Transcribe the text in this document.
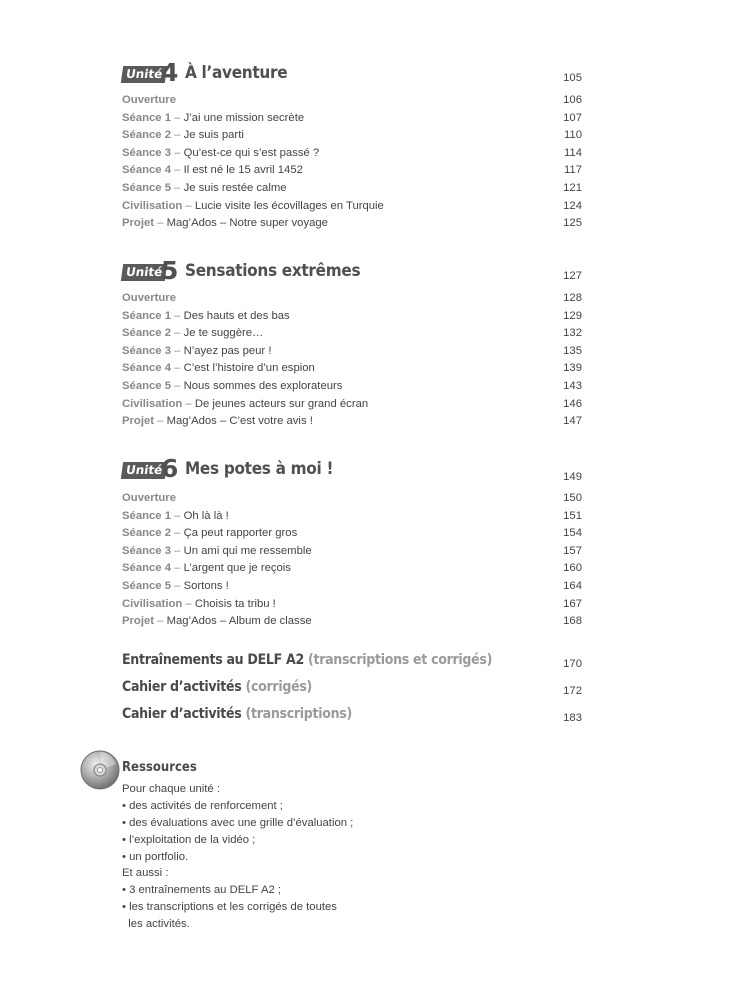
Unité
4 À l’aventure	105
Ouverture	106
Séance 1 – J’ai une mission secrète	107
Séance 2 – Je suis parti	110
Séance 3 – Qu’est-ce qui s’est passé ?	114
Séance 4 – Il est né le 15 avril 1452	117
Séance 5 – Je suis restée calme	121
Civilisation – Lucie visite les écovillages en Turquie	124
Projet – Mag’Ados – Notre super voyage	125
Unité
5 Sensations extrêmes	127
Ouverture	128
Séance 1 – Des hauts et des bas	129
Séance 2 – Je te suggère…	132
Séance 3 – N’ayez pas peur !	135
Séance 4 – C’est l’histoire d’un espion	139
Séance 5 – Nous sommes des explorateurs	143
Civilisation – De jeunes acteurs sur grand écran	146
Projet – Mag’Ados – C’est votre avis !	147
Unité
6 Mes potes à moi !	149
Ouverture	150
Séance 1 – Oh là là !	151
Séance 2 – Ça peut rapporter gros	154
Séance 3 – Un ami qui me ressemble	157
Séance 4 – L’argent que je reçois	160
Séance 5 – Sortons !	164
Civilisation – Choisis ta tribu !	167
Projet – Mag’Ados – Album de classe	168
Entraînements au DELF A2 (transcriptions et corrigés)	170
Cahier d’activités (corrigés)	172
Cahier d’activités (transcriptions)	183
Ressources
Pour chaque unité :
• des activités de renforcement ;
• des évaluations avec une grille d’évaluation ;
• l’exploitation de la vidéo ;
• un portfolio.
Et aussi :
• 3 entraînements au DELF A2 ;
• les transcriptions et les corrigés de toutes
les activités.
